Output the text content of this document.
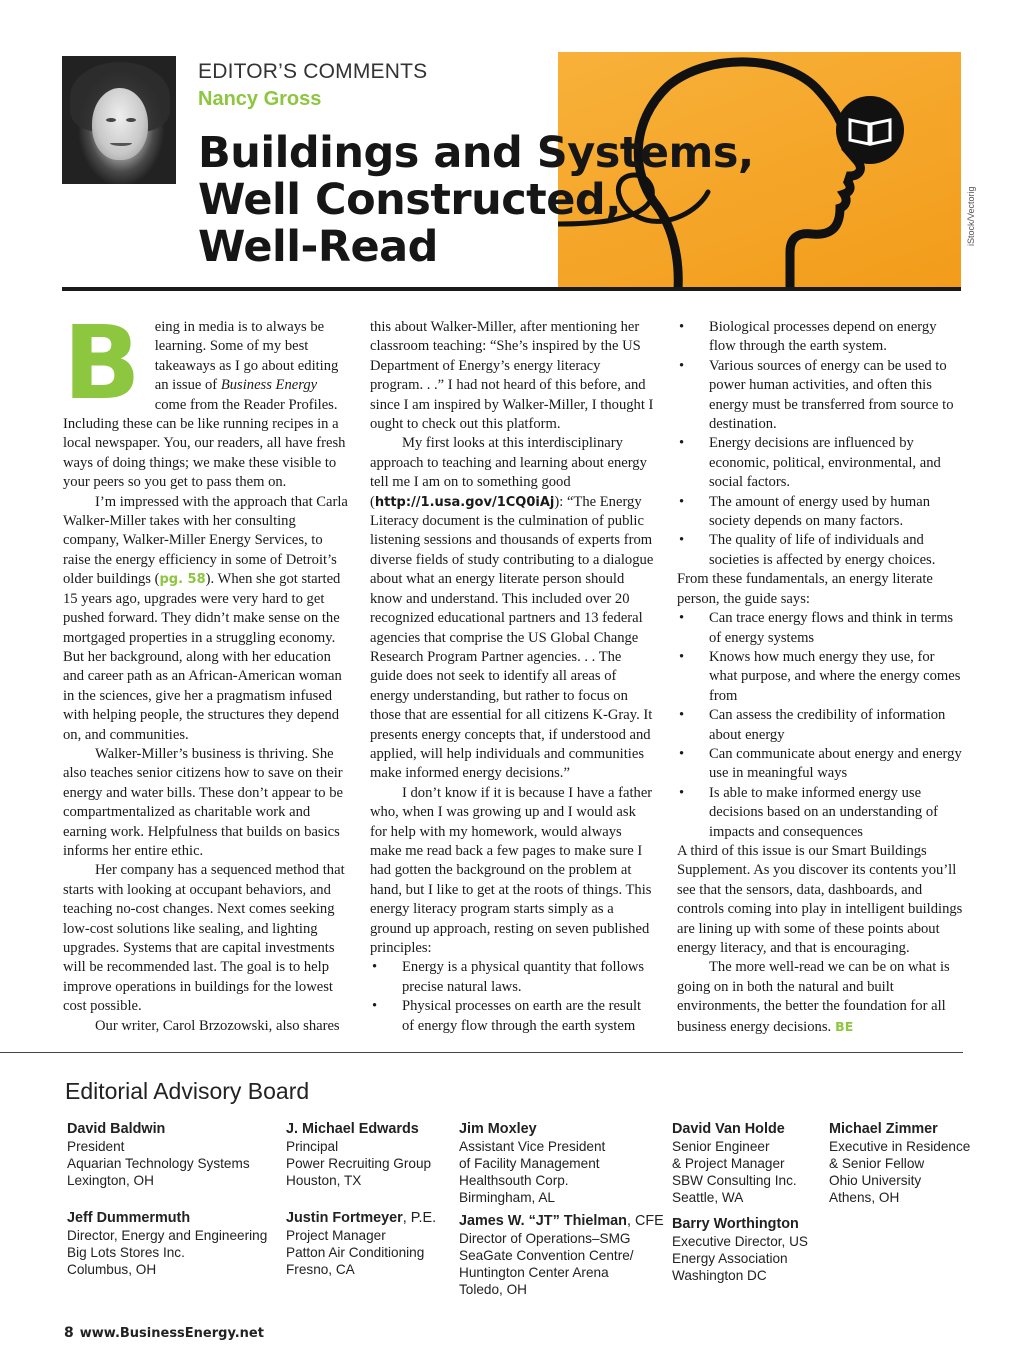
EDITOR’S COMMENTS
Nancy Gross
iStock/Vectorig
Buildings and Systems,
Well Constructed,
Well-Read

Being in media is to always be learning. Some of my best takeaways as I go about editing an issue of Business Energy come from the Reader Profiles. Including these can be like running recipes in a local newspaper. You, our readers, all have fresh ways of doing things; we make these visible to your peers so you get to pass them on.

I’m impressed with the approach that Carla Walker-Miller takes with her consulting company, Walker-Miller Energy Services, to raise the energy efficiency in some of Detroit’s older buildings (pg. 58). When she got started 15 years ago, upgrades were very hard to get pushed forward. They didn’t make sense on the mortgaged properties in a struggling economy. But her background, along with her education and career path as an African-American woman in the sciences, give her a pragmatism infused with helping people, the structures they depend on, and communities.

Walker-Miller’s business is thriving. She also teaches senior citizens how to save on their energy and water bills. These don’t appear to be compartmentalized as charitable work and earning work. Helpfulness that builds on basics informs her entire ethic.

Her company has a sequenced method that starts with looking at occupant behaviors, and teaching no-cost changes. Next comes seeking low-cost solutions like sealing, and lighting upgrades. Systems that are capital investments will be recommended last. The goal is to help improve operations in buildings for the lowest cost possible.

Our writer, Carol Brzozowski, also shares

this about Walker-Miller, after mentioning her classroom teaching: “She’s inspired by the US Department of Energy’s energy literacy program. . .” I had not heard of this before, and since I am inspired by Walker-Miller, I thought I ought to check out this platform.

My first looks at this interdisciplinary approach to teaching and learning about energy tell me I am on to something good (http://1.usa.gov/1CQ0iAj): “The Energy Literacy document is the culmination of public listening sessions and thousands of experts from diverse fields of study contributing to a dialogue about what an energy literate person should know and understand. This included over 20 recognized educational partners and 13 federal agencies that comprise the US Global Change Research Program Partner agencies. . . The guide does not seek to identify all areas of energy understanding, but rather to focus on those that are essential for all citizens K-Gray. It presents energy concepts that, if understood and applied, will help individuals and communities make informed energy decisions.”

I don’t know if it is because I have a father who, when I was growing up and I would ask for help with my homework, would always make me read back a few pages to make sure I had gotten the background on the problem at hand, but I like to get at the roots of things. This energy literacy program starts simply as a ground up approach, resting on seven published principles:

• Energy is a physical quantity that follows precise natural laws.
• Physical processes on earth are the result of energy flow through the earth system
• Biological processes depend on energy flow through the earth system.
• Various sources of energy can be used to power human activities, and often this energy must be transferred from source to destination.
• Energy decisions are influenced by economic, political, environmental, and social factors.
• The amount of energy used by human society depends on many factors.
• The quality of life of individuals and societies is affected by energy choices.

From these fundamentals, an energy literate person, the guide says:

• Can trace energy flows and think in terms of energy systems
• Knows how much energy they use, for what purpose, and where the energy comes from
• Can assess the credibility of information about energy
• Can communicate about energy and energy use in meaningful ways
• Is able to make informed energy use decisions based on an understanding of impacts and consequences

A third of this issue is our Smart Buildings Supplement. As you discover its contents you’ll see that the sensors, data, dashboards, and controls coming into play in intelligent buildings are lining up with some of these points about energy literacy, and that is encouraging.

The more well-read we can be on what is going on in both the natural and built environments, the better the foundation for all business energy decisions. BE

Editorial Advisory Board
David Baldwin
President
Aquarian Technology Systems
Lexington, OH
Jeff Dummermuth
Director, Energy and Engineering
Big Lots Stores Inc.
Columbus, OH
J. Michael Edwards
Principal
Power Recruiting Group
Houston, TX
Justin Fortmeyer, P.E.
Project Manager
Patton Air Conditioning
Fresno, CA
Jim Moxley
Assistant Vice President
of Facility Management
Healthsouth Corp.
Birmingham, AL
James W. “JT” Thielman, CFE
Director of Operations–SMG
SeaGate Convention Centre/
Huntington Center Arena
Toledo, OH
David Van Holde
Senior Engineer
& Project Manager
SBW Consulting Inc.
Seattle, WA
Barry Worthington
Executive Director, US
Energy Association
Washington DC
Michael Zimmer
Executive in Residence
& Senior Fellow
Ohio University
Athens, OH
8 www.BusinessEnergy.net
